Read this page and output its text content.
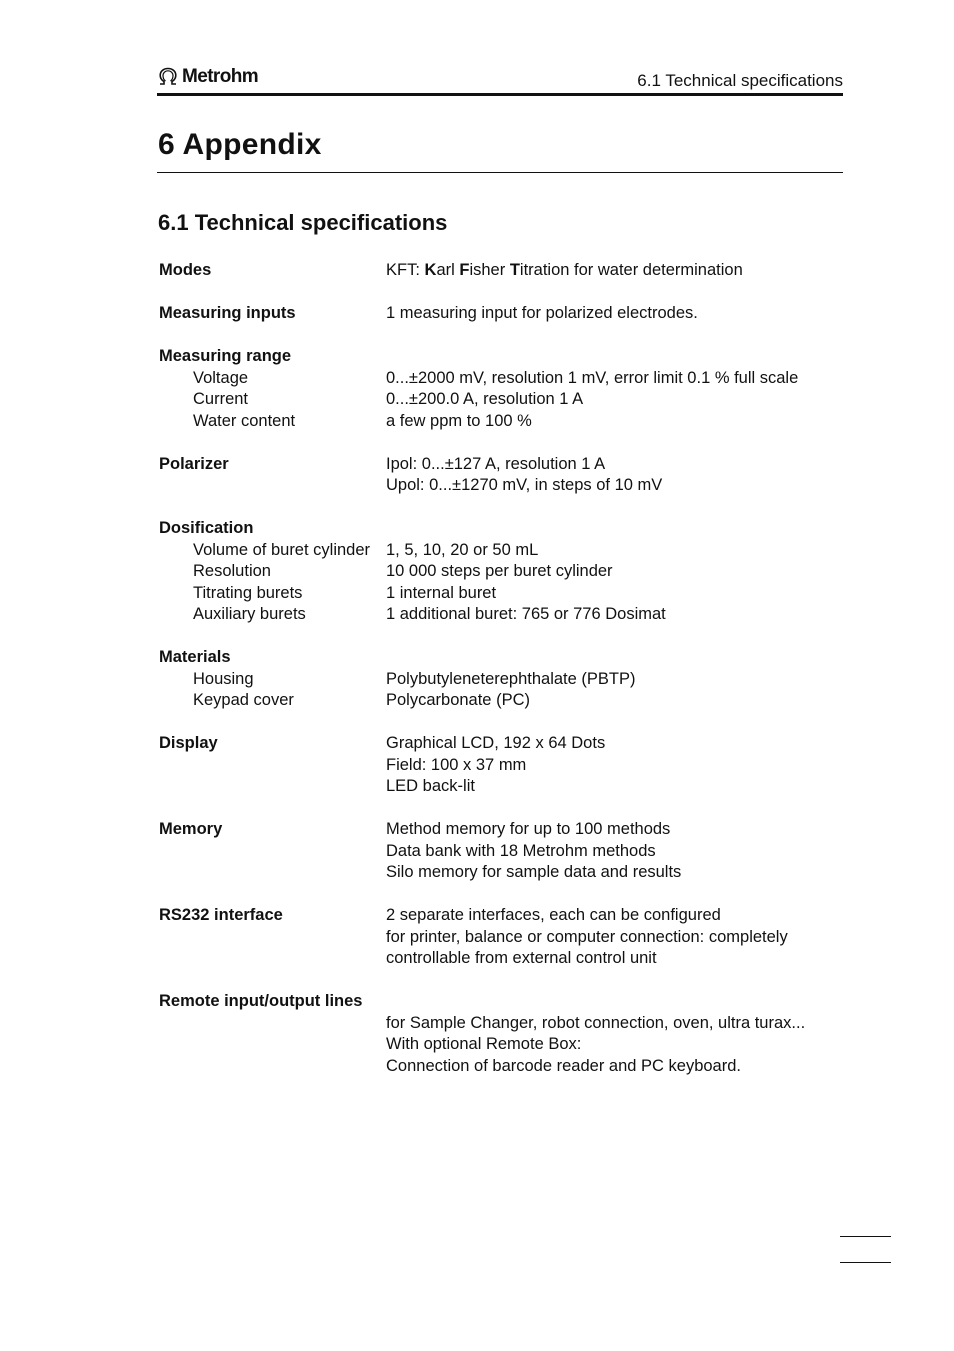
Metrohm	6.1 Technical specifications
6 Appendix
6.1 Technical specifications
Modes	KFT: Karl Fisher Titration for water determination
Measuring inputs	1 measuring input for polarized electrodes.
Measuring range
Voltage	0...±2000 mV, resolution 1 mV, error limit 0.1 % full scale
Current	0...±200.0 A, resolution 1 A
Water content	a few ppm to 100 %
Polarizer	Ipol: 0...±127 A, resolution 1 A
Upol: 0...±1270 mV, in steps of 10 mV
Dosification
Volume of buret cylinder 1, 5, 10, 20 or 50 mL
Resolution	10 000 steps per buret cylinder
Titrating burets	1 internal buret
Auxiliary burets	1 additional buret: 765 or 776 Dosimat
Materials
Housing	Polybutyleneterephthalate (PBTP)
Keypad cover	Polycarbonate (PC)
Display	Graphical LCD, 192 x 64 Dots
Field: 100 x 37 mm
LED back-lit
Memory	Method memory for up to 100 methods
Data bank with 18 Metrohm methods
Silo memory for sample data and results
RS232 interface	2 separate interfaces, each can be configured
for printer, balance or computer connection: completely
controllable from external control unit
Remote input/output lines
for Sample Changer, robot connection, oven, ultra turax...
With optional Remote Box:
Connection of barcode reader and PC keyboard.
